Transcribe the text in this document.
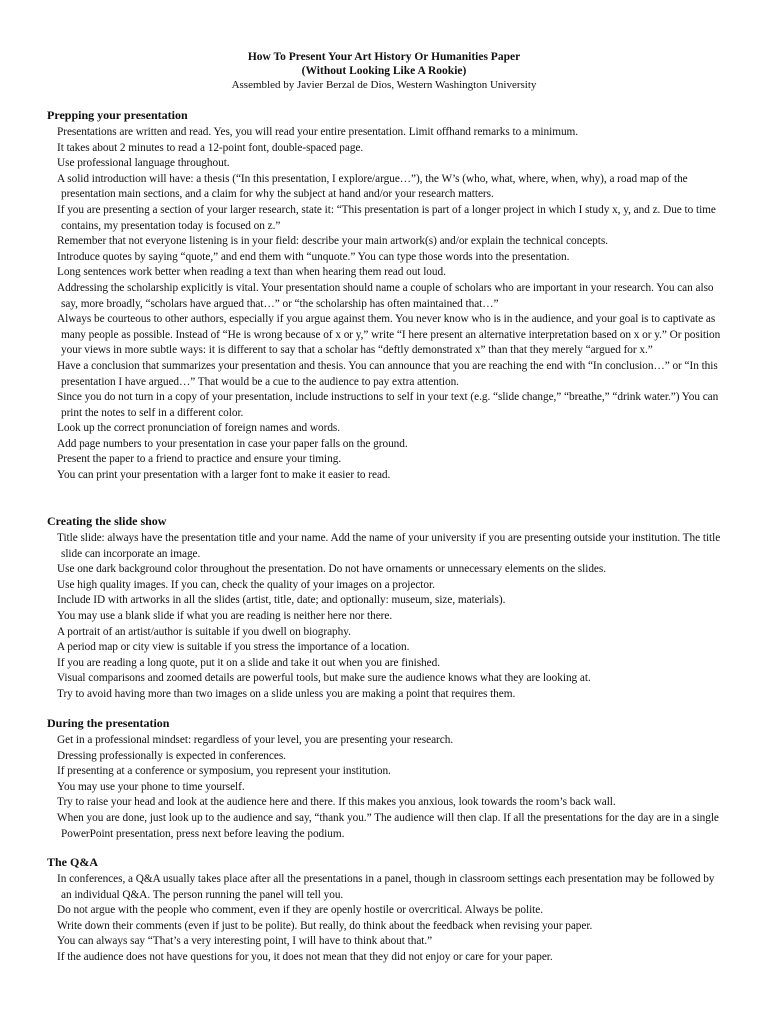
How To Present Your Art History Or Humanities Paper

(Without Looking Like A Rookie)

Assembled by Javier Berzal de Dios, Western Washington University

Prepping your presentation

Presentations are written and read. Yes, you will read your entire presentation. Limit offhand remarks to a minimum.
It takes about 2 minutes to read a 12-point font, double-spaced page.
Use professional language throughout.
A solid introduction will have: a thesis (“In this presentation, I explore/argue…”), the W’s (who, what, where, when, why), a road map of the presentation main sections, and a claim for why the subject at hand and/or your research matters.
If you are presenting a section of your larger research, state it: “This presentation is part of a longer project in which I study x, y, and z. Due to time contains, my presentation today is focused on z.”
Remember that not everyone listening is in your field: describe your main artwork(s) and/or explain the technical concepts.
Introduce quotes by saying “quote,” and end them with “unquote.” You can type those words into the presentation.
Long sentences work better when reading a text than when hearing them read out loud.
Addressing the scholarship explicitly is vital. Your presentation should name a couple of scholars who are important in your research. You can also say, more broadly, “scholars have argued that…” or “the scholarship has often maintained that…”
Always be courteous to other authors, especially if you argue against them. You never know who is in the audience, and your goal is to captivate as many people as possible. Instead of “He is wrong because of x or y,” write “I here present an alternative interpretation based on x or y.” Or position your views in more subtle ways: it is different to say that a scholar has “deftly demonstrated x” than that they merely “argued for x.”
Have a conclusion that summarizes your presentation and thesis. You can announce that you are reaching the end with “In conclusion…” or “In this presentation I have argued…” That would be a cue to the audience to pay extra attention.
Since you do not turn in a copy of your presentation, include instructions to self in your text (e.g. “slide change,” “breathe,” “drink water.”) You can print the notes to self in a different color.
Look up the correct pronunciation of foreign names and words.
Add page numbers to your presentation in case your paper falls on the ground.
Present the paper to a friend to practice and ensure your timing.
You can print your presentation with a larger font to make it easier to read.

Creating the slide show

Title slide: always have the presentation title and your name. Add the name of your university if you are presenting outside your institution. The title slide can incorporate an image.
Use one dark background color throughout the presentation. Do not have ornaments or unnecessary elements on the slides.
Use high quality images. If you can, check the quality of your images on a projector.
Include ID with artworks in all the slides (artist, title, date; and optionally: museum, size, materials).
You may use a blank slide if what you are reading is neither here nor there.
A portrait of an artist/author is suitable if you dwell on biography.
A period map or city view is suitable if you stress the importance of a location.
If you are reading a long quote, put it on a slide and take it out when you are finished.
Visual comparisons and zoomed details are powerful tools, but make sure the audience knows what they are looking at.
Try to avoid having more than two images on a slide unless you are making a point that requires them.

During the presentation

Get in a professional mindset: regardless of your level, you are presenting your research.
Dressing professionally is expected in conferences.
If presenting at a conference or symposium, you represent your institution.
You may use your phone to time yourself.
Try to raise your head and look at the audience here and there. If this makes you anxious, look towards the room’s back wall.
When you are done, just look up to the audience and say, “thank you.” The audience will then clap. If all the presentations for the day are in a single PowerPoint presentation, press next before leaving the podium.

The Q&A

In conferences, a Q&A usually takes place after all the presentations in a panel, though in classroom settings each presentation may be followed by an individual Q&A. The person running the panel will tell you.
Do not argue with the people who comment, even if they are openly hostile or overcritical. Always be polite.
Write down their comments (even if just to be polite). But really, do think about the feedback when revising your paper.
You can always say “That’s a very interesting point, I will have to think about that.”
If the audience does not have questions for you, it does not mean that they did not enjoy or care for your paper.
